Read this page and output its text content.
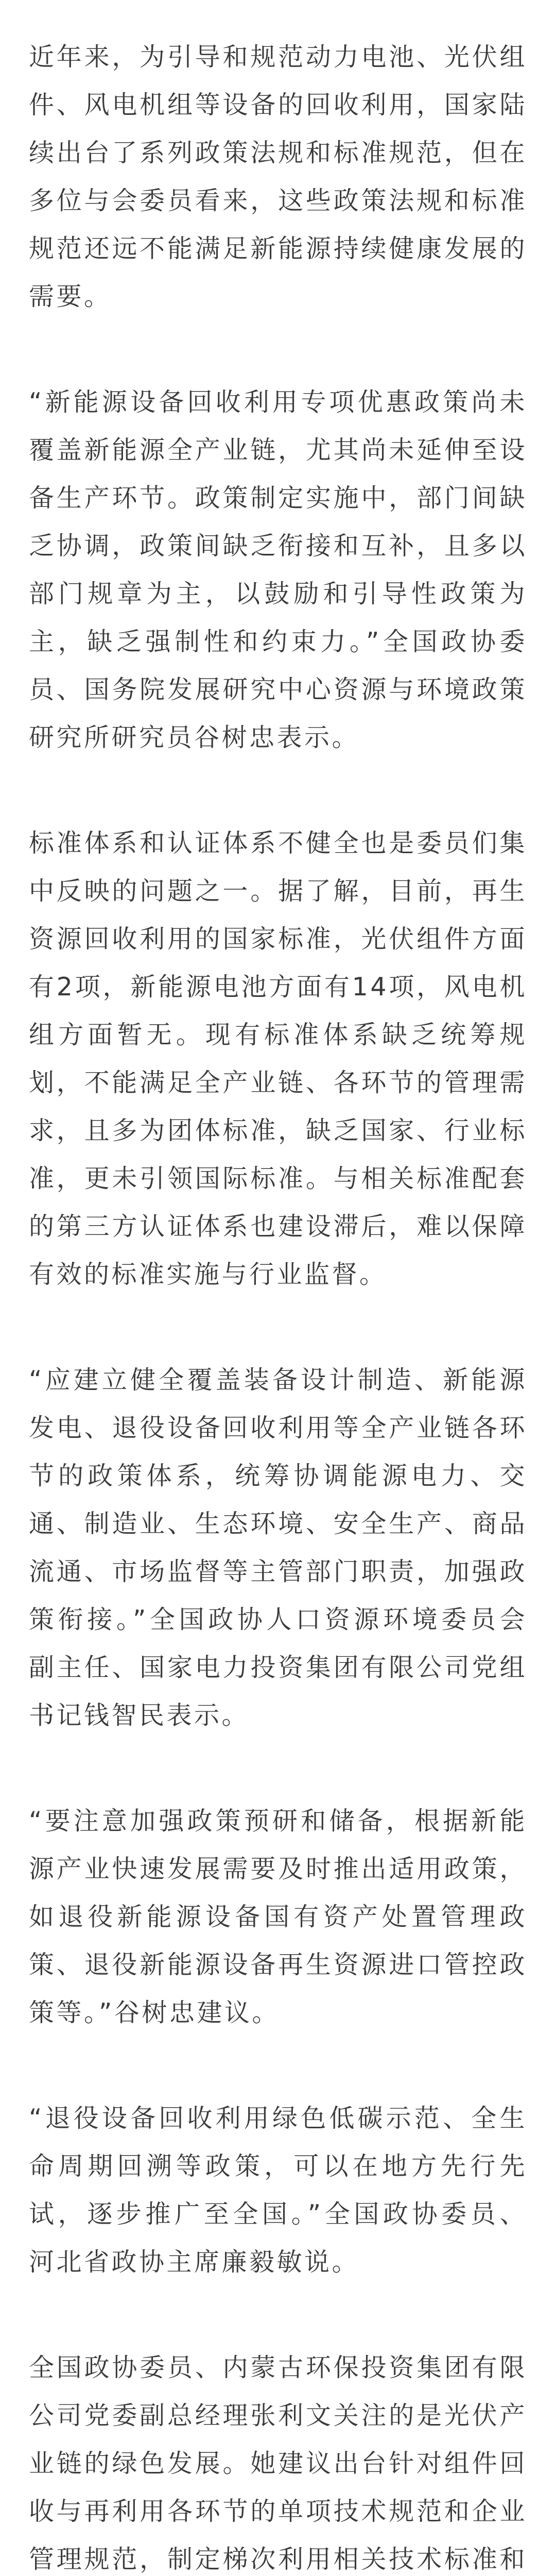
近年来，为引导和规范动力电池、光伏组件、风电机组等设备的回收利用，国家陆续出台了系列政策法规和标准规范，但在多位与会委员看来，这些政策法规和标准规范还远不能满足新能源持续健康发展的需要。

“新能源设备回收利用专项优惠政策尚未覆盖新能源全产业链，尤其尚未延伸至设备生产环节。政策制定实施中，部门间缺乏协调，政策间缺乏衔接和互补，且多以部门规章为主，以鼓励和引导性政策为主，缺乏强制性和约束力。”全国政协委员、国务院发展研究中心资源与环境政策研究所研究员谷树忠表示。

标准体系和认证体系不健全也是委员们集中反映的问题之一。据了解，目前，再生资源回收利用的国家标准，光伏组件方面有2项，新能源电池方面有14项，风电机组方面暂无。现有标准体系缺乏统筹规划，不能满足全产业链、各环节的管理需求，且多为团体标准，缺乏国家、行业标准，更未引领国际标准。与相关标准配套的第三方认证体系也建设滞后，难以保障有效的标准实施与行业监督。

“应建立健全覆盖装备设计制造、新能源发电、退役设备回收利用等全产业链各环节的政策体系，统筹协调能源电力、交通、制造业、生态环境、安全生产、商品流通、市场监督等主管部门职责，加强政策衔接。”全国政协人口资源环境委员会副主任、国家电力投资集团有限公司党组书记钱智民表示。

“要注意加强政策预研和储备，根据新能源产业快速发展需要及时推出适用政策，如退役新能源设备国有资产处置管理政策、退役新能源设备再生资源进口管控政策等。”谷树忠建议。

“退役设备回收利用绿色低碳示范、全生命周期回溯等政策，可以在地方先行先试，逐步推广至全国。”全国政协委员、河北省政协主席廉毅敏说。

全国政协委员、内蒙古环保投资集团有限公司党委副总经理张利文关注的是光伏产业链的绿色发展。她建议出台针对组件回收与再利用各环节的单项技术规范和企业管理规范，制定梯次利用相关技术标准和
